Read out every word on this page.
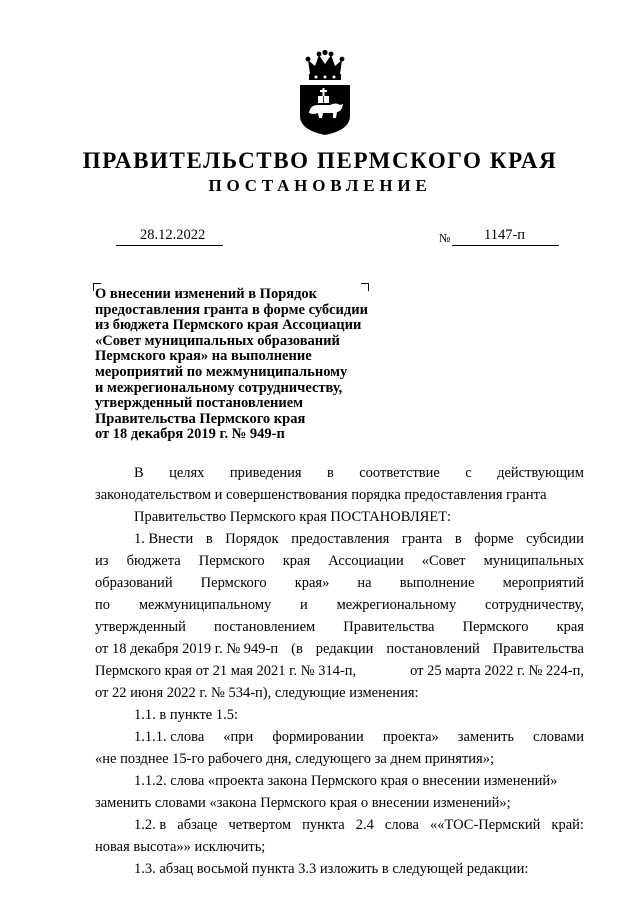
ПРАВИТЕЛЬСТВО ПЕРМСКОГО КРАЯ
ПОСТАНОВЛЕНИЕ
28.12.2022	№ 1147-п
О внесении изменений в Порядок
предоставления гранта в форме субсидии
из бюджета Пермского края Ассоциации
«Совет муниципальных образований
Пермского края» на выполнение
мероприятий по межмуниципальному
и межрегиональному сотрудничеству,
утвержденный постановлением
Правительства Пермского края
от 18 декабря 2019 г. № 949-п
В целях приведения в соответствие с действующим
законодательством и совершенствования порядка предоставления гранта
Правительство Пермского края ПОСТАНОВЛЯЕТ:
1. Внести в Порядок предоставления гранта в форме субсидии
из бюджета Пермского края Ассоциации «Совет муниципальных
образований Пермского края» на выполнение мероприятий
по межмуниципальному и межрегиональному сотрудничеству,
утвержденный постановлением Правительства Пермского края
от 18 декабря 2019 г. № 949-п (в редакции постановлений Правительства
Пермского края от 21 мая 2021 г. № 314-п,	от 25 марта 2022 г. № 224-п,
от 22 июня 2022 г. № 534-п), следующие изменения:
1.1. в пункте 1.5:
1.1.1. слова «при формировании проекта» заменить словами
«не позднее 15-го рабочего дня, следующего за днем принятия»;
1.1.2. слова «проекта закона Пермского края о внесении изменений»
заменить словами «закона Пермского края о внесении изменений»;
1.2. в абзаце четвертом пункта 2.4 слова ««ТОС-Пермский край:
новая высота»» исключить;
1.3. абзац восьмой пункта 3.3 изложить в следующей редакции:
